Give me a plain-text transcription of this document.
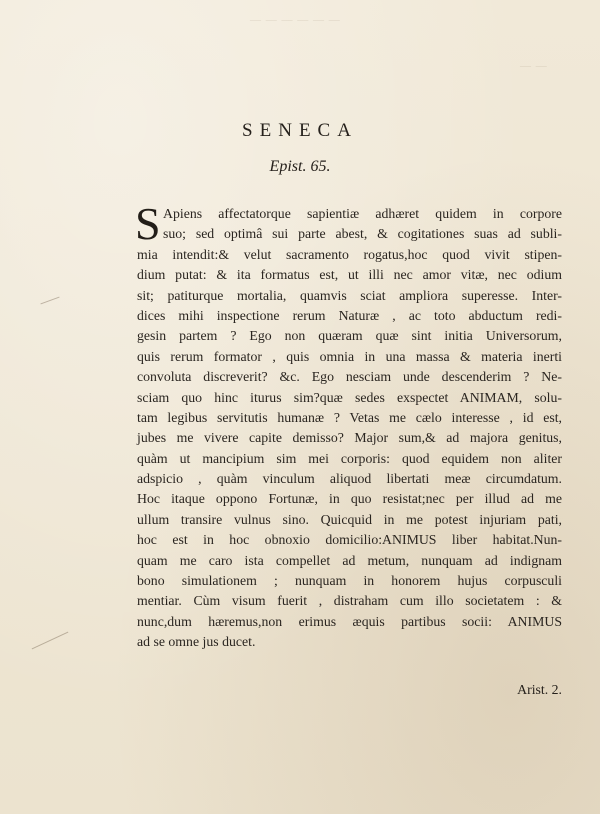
— — — — — —
— —
SENECA
Epist. 65.
S Apiens affectatorque sapientiæ adhæret quidem in corpore
suo; sed optimâ sui parte abest, & cogitationes suas ad subli-
mia intendit:& velut sacramento rogatus,hoc quod vivit stipen-
dium putat: & ita formatus est, ut illi nec amor vitæ, nec odium
sit; patiturque mortalia, quamvis sciat ampliora superesse. Inter-
dices mihi inspectione rerum Naturæ , ac toto abductum redi-
gesin partem ? Ego non quæram quæ sint initia Universorum,
quis rerum formator , quis omnia in una massa & materia inerti
convoluta discreverit? &c. Ego nesciam unde descenderim ? Ne-
sciam quo hinc iturus sim?quæ sedes exspectet ANIMAM, solu-
tam legibus servitutis humanæ ? Vetas me cælo interesse , id est,
jubes me vivere capite demisso? Major sum,& ad majora genitus,
quàm ut mancipium sim mei corporis: quod equidem non aliter
adspicio , quàm vinculum aliquod libertati meæ circumdatum.
Hoc itaque oppono Fortunæ, in quo resistat;nec per illud ad me
ullum transire vulnus sino. Quicquid in me potest injuriam pati,
hoc est in hoc obnoxio domicilio:ANIMUS liber habitat.Nun-
quam me caro ista compellet ad metum, nunquam ad indignam
bono simulationem ; nunquam in honorem hujus corpusculi
mentiar. Cùm visum fuerit , distraham cum illo societatem : &
nunc,dum hæremus,non erimus æquis partibus socii: ANIMUS
ad se omne jus ducet.
Arist. 2.
